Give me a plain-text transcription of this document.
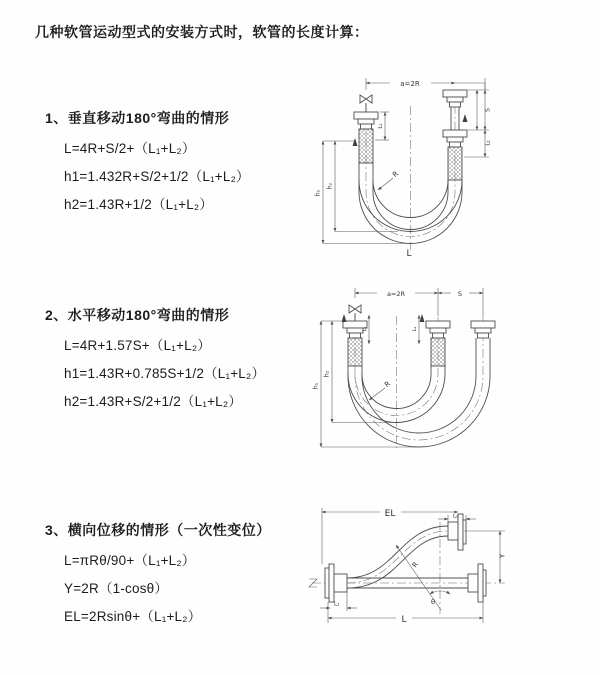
几种软管运动型式的安装方式时，软管的长度计算：
1、垂直移动180°弯曲的情形
L=4R+S/2+（L₁+L₂）
h1=1.432R+S/2+1/2（L₁+L₂）
h2=1.43R+1/2（L₁+L₂）
2、水平移动180°弯曲的情形
L=4R+1.57S+（L₁+L₂）
h1=1.43R+0.785S+1/2（L₁+L₂）
h2=1.43R+S/2+1/2（L₁+L₂）
3、横向位移的情形（一次性变位）
L=πRθ/90+（L₁+L₂）
Y=2R（1-cosθ）
EL=2Rsinθ+（L₁+L₂）
a=2R
h₁
h₂
L₁
S
L₂
R
L
a=2R	S
L₁	L₂
h₁
h₂
R
EL	L₂
Y
R
θ
L₁
L
